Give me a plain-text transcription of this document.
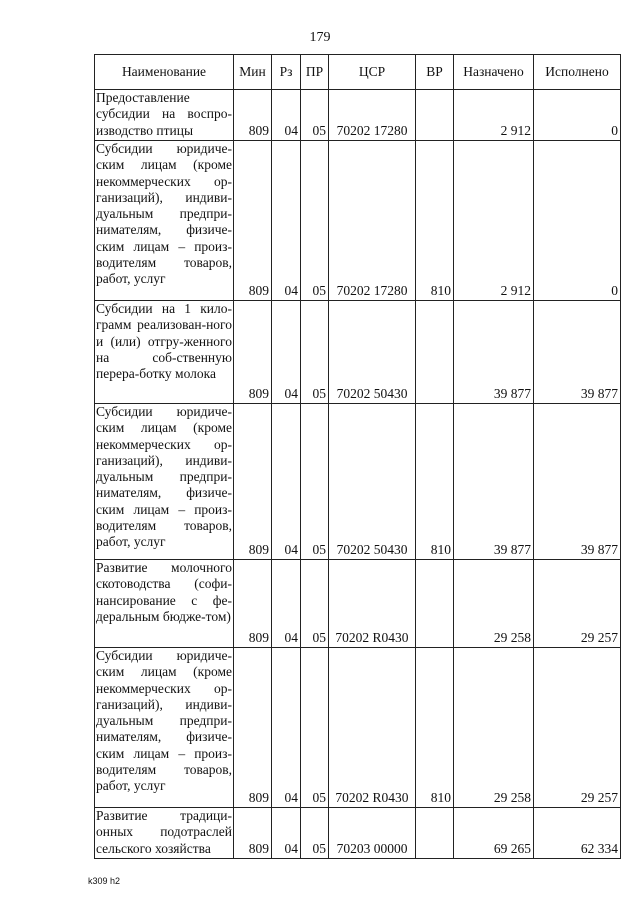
179
Наименование	Мин	Рз	ПР	ЦСР	ВР	Назначено	Исполнено
Предоставление субсидии на воспро-изводство птицы	809	04	05	70202 17280		2 912	0
Субсидии юридиче-ским лицам (кроме некоммерческих ор-ганизаций), индиви-дуальным предпри-нимателям, физиче-ским лицам – произ-водителям товаров, работ, услуг	809	04	05	70202 17280	810	2 912	0
Субсидии на 1 кило-грамм реализован-ного и (или) отгру-женного на соб-ственную перера-ботку молока	809	04	05	70202 50430		39 877	39 877
Субсидии юридиче-ским лицам (кроме некоммерческих ор-ганизаций), индиви-дуальным предпри-нимателям, физиче-ским лицам – произ-водителям товаров, работ, услуг	809	04	05	70202 50430	810	39 877	39 877
Развитие молочного скотоводства (софи-нансирование с фе-деральным бюдже-том)	809	04	05	70202 R0430		29 258	29 257
Субсидии юридиче-ским лицам (кроме некоммерческих ор-ганизаций), индиви-дуальным предпри-нимателям, физиче-ским лицам – произ-водителям товаров, работ, услуг	809	04	05	70202 R0430	810	29 258	29 257
Развитие традици-онных подотраслей сельского хозяйства	809	04	05	70203 00000		69 265	62 334
k309 h2
